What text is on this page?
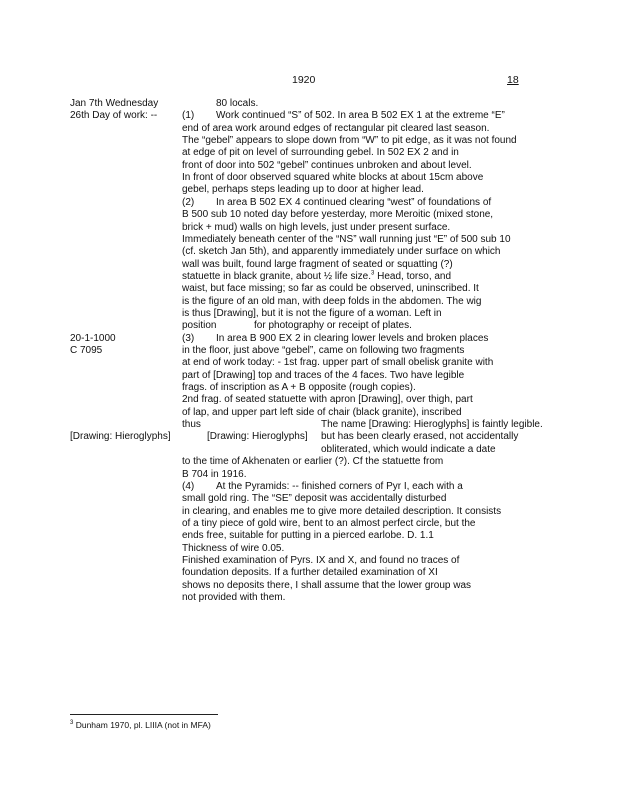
1920	18
Jan 7th Wednesday
26th Day of work: --
20-1-1000
C 7095
[Drawing: Hieroglyphs]
80 locals.
(1) Work continued “S” of 502. In area B 502 EX 1 at the extreme “E”
end of area work around edges of rectangular pit cleared last season.
The “gebel” appears to slope down from “W” to pit edge, as it was not found
at edge of pit on level of surrounding gebel. In 502 EX 2 and in
front of door into 502 “gebel” continues unbroken and about level.
In front of door observed squared white blocks at about 15cm above
gebel, perhaps steps leading up to door at higher lead.
(2) In area B 502 EX 4 continued clearing “west” of foundations of
B 500 sub 10 noted day before yesterday, more Meroitic (mixed stone,
brick + mud) walls on high levels, just under present surface.
Immediately beneath center of the “NS” wall running just “E” of 500 sub 10
(cf. sketch Jan 5th), and apparently immediately under surface on which
wall was built, found large fragment of seated or squatting (?)
statuette in black granite, about ½ life size.$^3$ Head, torso, and
waist, but face missing; so far as could be observed, uninscribed. It
is the figure of an old man, with deep folds in the abdomen. The wig
is thus [Drawing], but it is not the figure of a woman. Left in
position	for photography or receipt of plates.
(3) In area B 900 EX 2 in clearing lower levels and broken places
in the floor, just above “gebel”, came on following two fragments
at end of work today: - 1st frag. upper part of small obelisk granite with
part of [Drawing] top and traces of the 4 faces. Two have legible
frags. of inscription as A + B opposite (rough copies).
2nd frag. of seated statuette with apron [Drawing], over thigh, part
of lap, and upper part left side of chair (black granite), inscribed
thus	The name [Drawing: Hieroglyphs] is faintly legible.
[Drawing: Hieroglyphs] but has been clearly erased, not accidentally
obliterated, which would indicate a date
to the time of Akhenaten or earlier (?). Cf the statuette from
B 704 in 1916.
(4) At the Pyramids: -- finished corners of Pyr I, each with a
small gold ring. The “SE” deposit was accidentally disturbed
in clearing, and enables me to give more detailed description. It consists
of a tiny piece of gold wire, bent to an almost perfect circle, but the
ends free, suitable for putting in a pierced earlobe. D. 1.1
Thickness of wire 0.05.
Finished examination of Pyrs. IX and X, and found no traces of
foundation deposits. If a further detailed examination of XI
shows no deposits there, I shall assume that the lower group was
not provided with them.
$^3$ Dunham 1970, pl. LIIIA (not in MFA)
